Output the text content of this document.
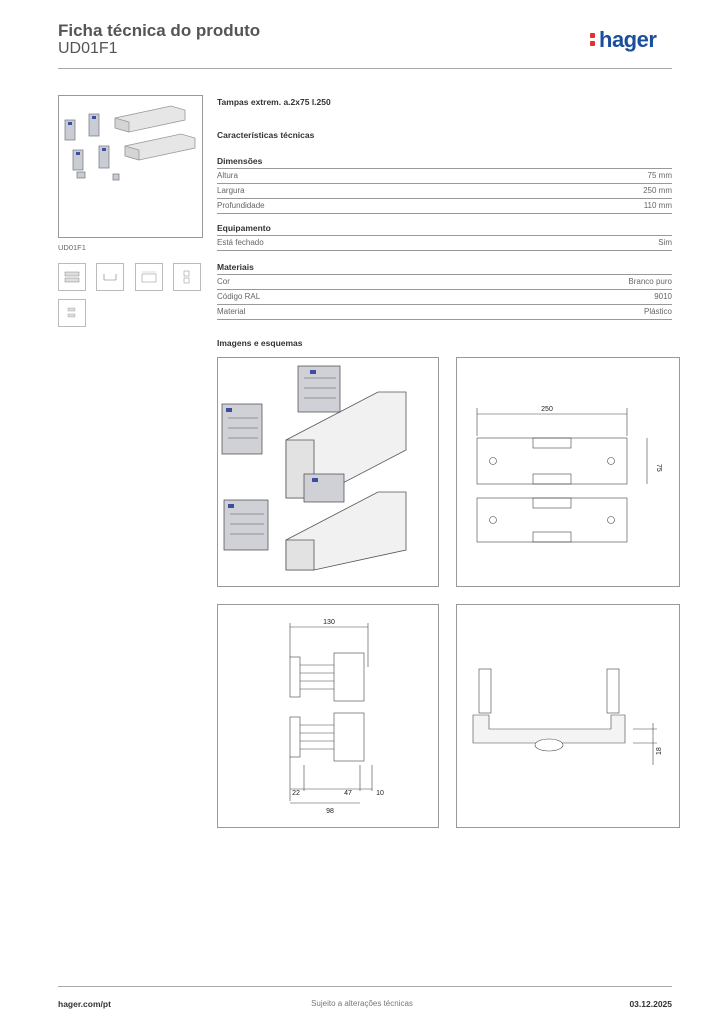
Ficha técnica do produto
UD01F1	hager
UD01F1
Tampas extrem. a.2x75 l.250
Características técnicas
Dimensões
Altura	75 mm
Largura	250 mm
Profundidade	110 mm
Equipamento
Está fechado	Sim
Materiais
Cor	Branco puro
Código RAL	9010
Material	Plástico
Imagens e esquemas
250
75
130
22	47	10
98
18
hager.com/pt	Sujeito a alterações técnicas	03.12.2025
